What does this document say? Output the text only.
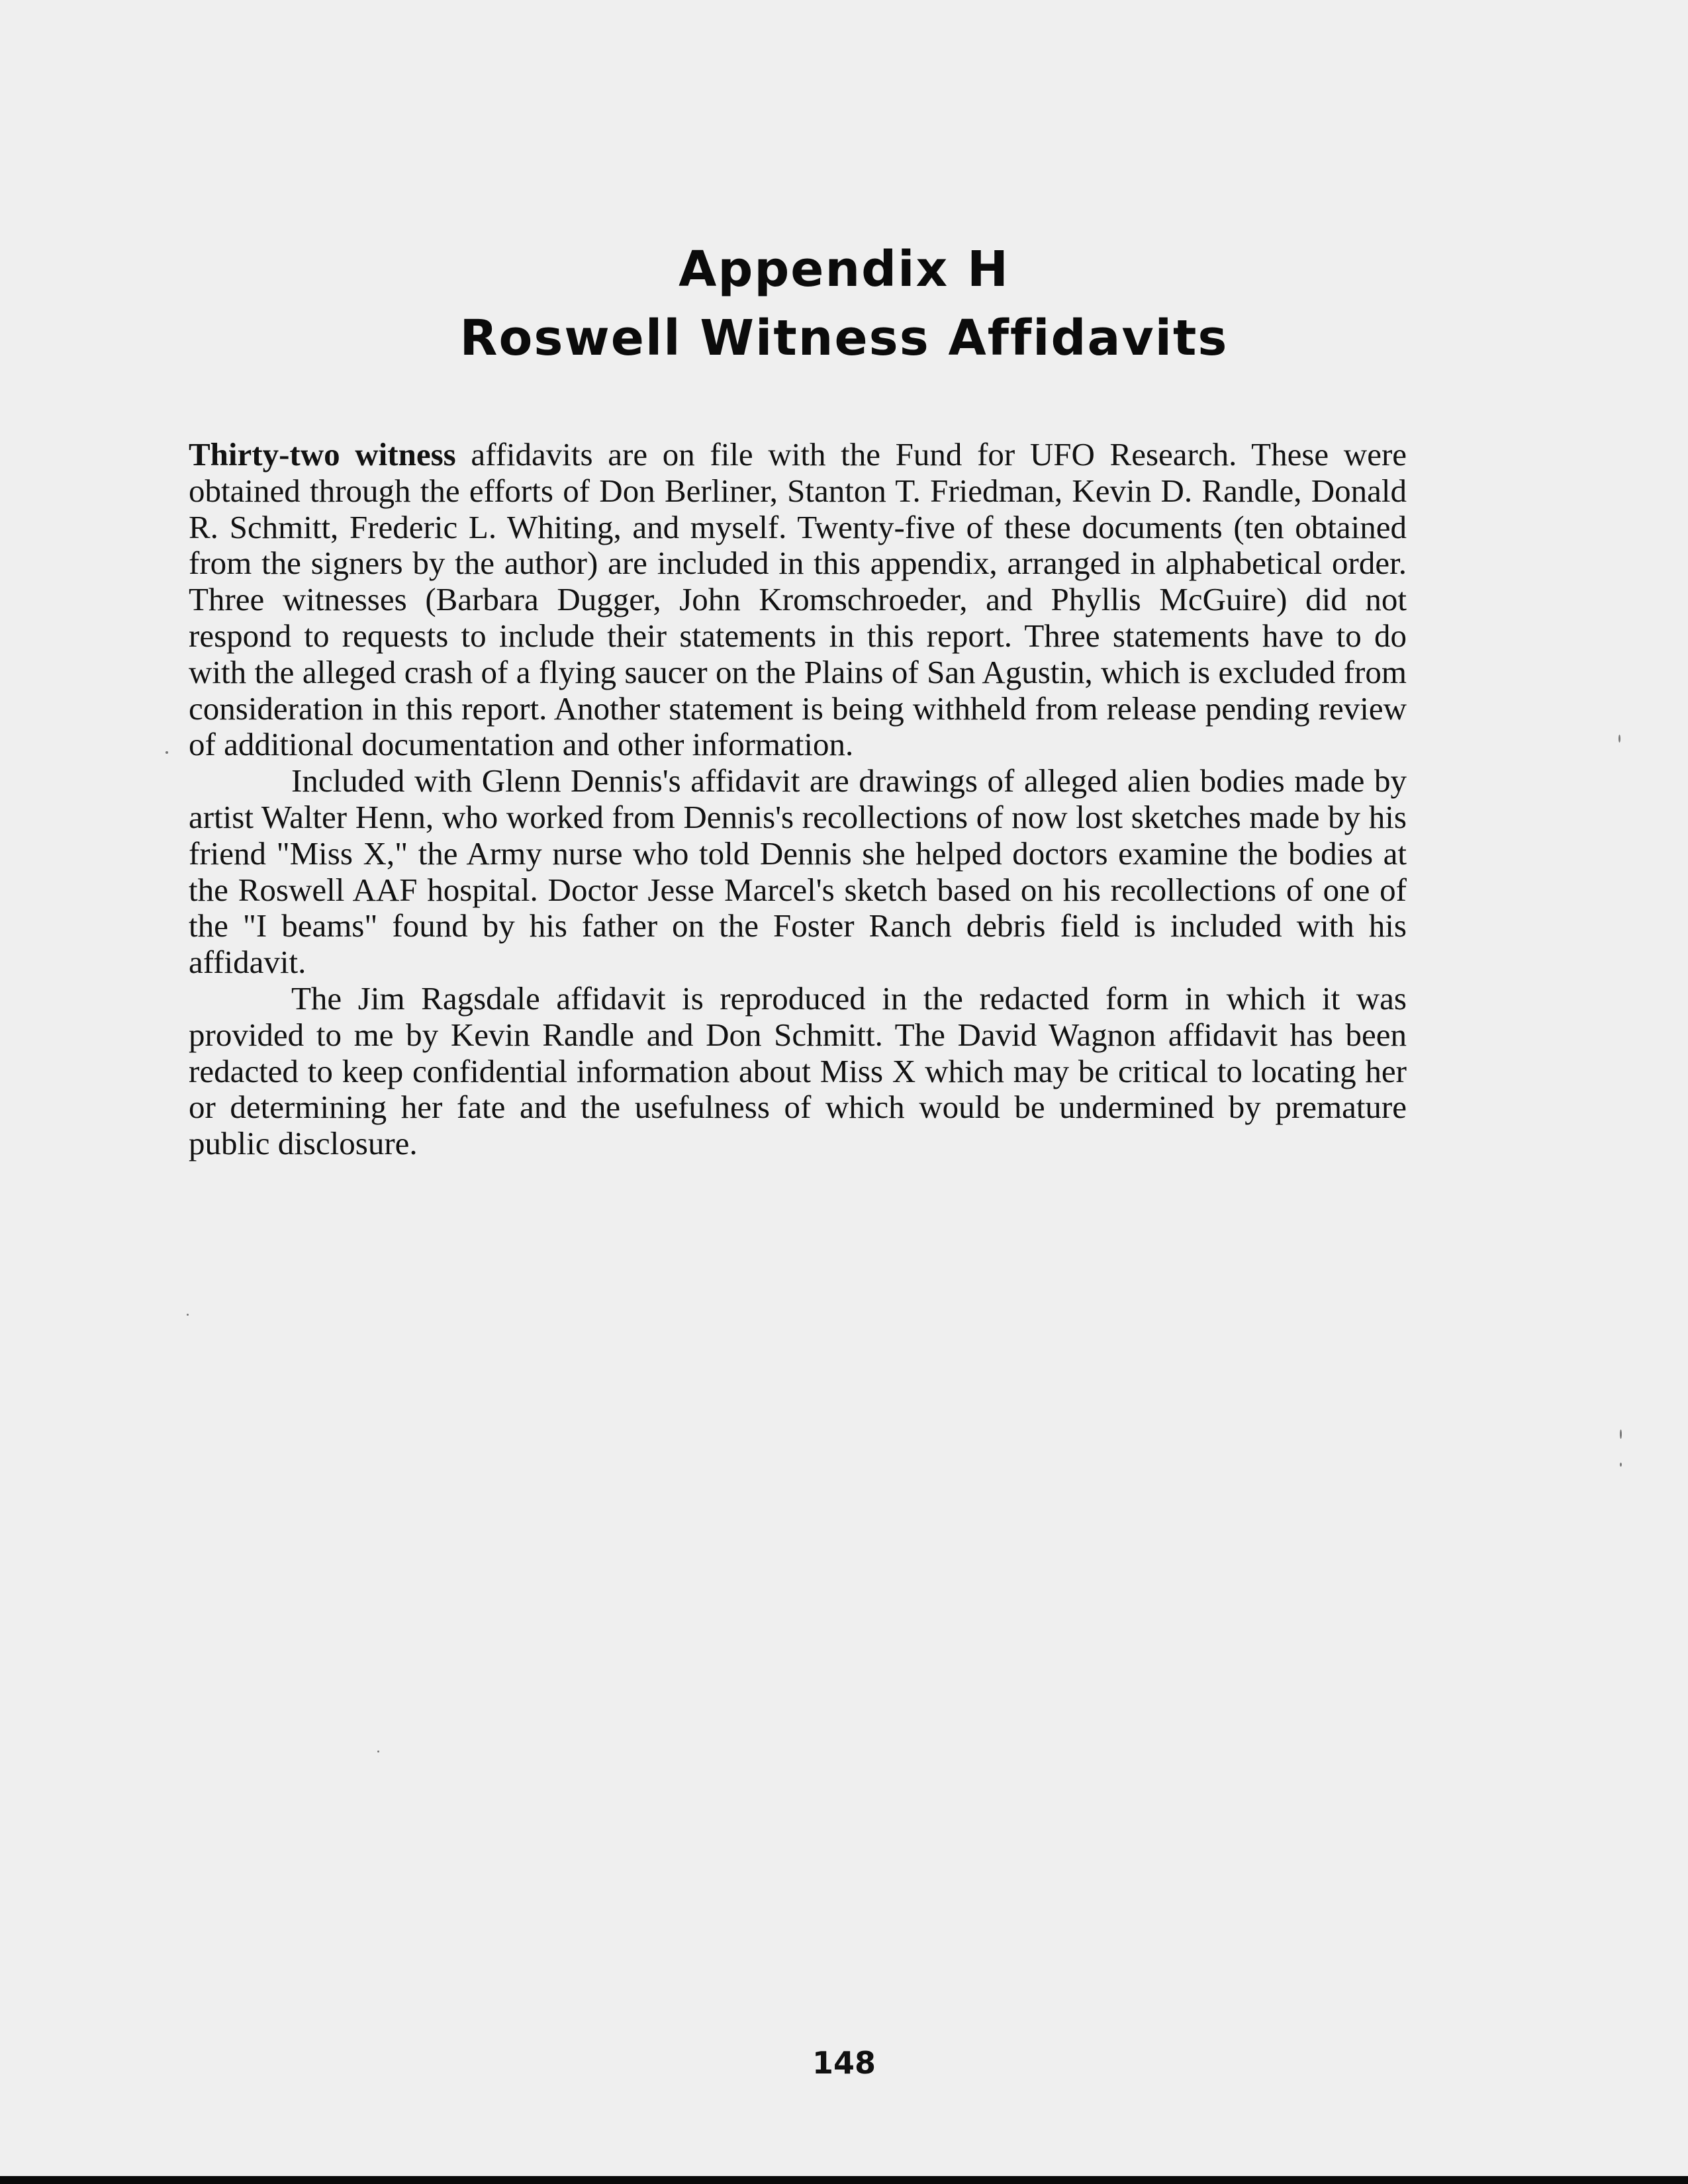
Appendix H
Roswell Witness Affidavits

Thirty-two witness affidavits are on file with the Fund for UFO Research. These were obtained through the efforts of Don Berliner, Stanton T. Friedman, Kevin D. Randle, Donald R. Schmitt, Frederic L. Whiting, and myself. Twenty-five of these documents (ten obtained from the signers by the author) are included in this appendix, arranged in alphabetical order. Three witnesses (Barbara Dugger, John Kromschroeder, and Phyllis McGuire) did not respond to requests to include their statements in this report. Three statements have to do with the alleged crash of a flying saucer on the Plains of San Agustin, which is excluded from consideration in this report. Another statement is being withheld from release pending review of additional documentation and other information.

Included with Glenn Dennis's affidavit are drawings of alleged alien bodies made by artist Walter Henn, who worked from Dennis's recollections of now lost sketches made by his friend "Miss X," the Army nurse who told Dennis she helped doctors examine the bodies at the Roswell AAF hospital. Doctor Jesse Marcel's sketch based on his recollections of one of the "I beams" found by his father on the Foster Ranch debris field is included with his affidavit.

The Jim Ragsdale affidavit is reproduced in the redacted form in which it was provided to me by Kevin Randle and Don Schmitt. The David Wagnon affidavit has been redacted to keep confidential information about Miss X which may be critical to locating her or determining her fate and the usefulness of which would be undermined by premature public disclosure.

148
